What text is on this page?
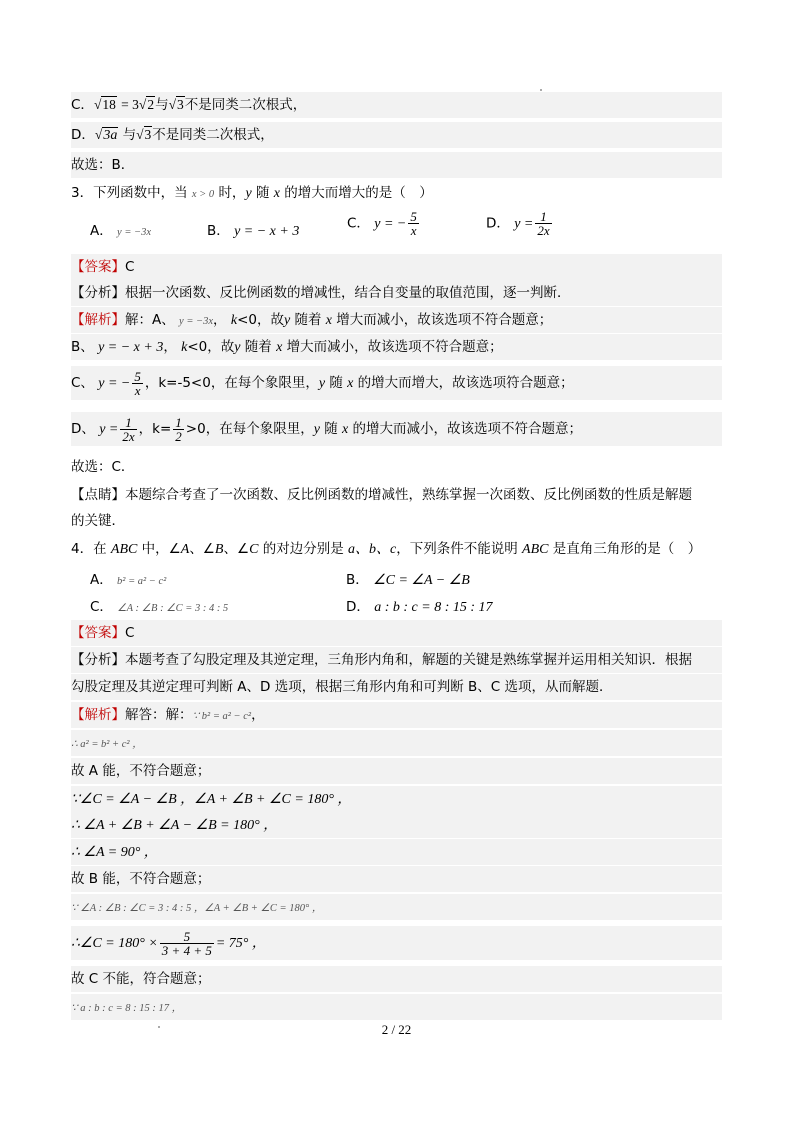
C．√18 = 3√2与√3不是同类二次根式，
D．√3a 与√3不是同类二次根式，
故选：B．
3．下列函数中，当 x > 0 时，y 随 x 的增大而增大的是（　）
A． y = −3x	B． y = − x + 3	C． y = − $\frac{5}{x}$	D． $y = \frac{1}{2x}$
【答案】C
【分析】根据一次函数、反比例函数的增减性，结合自变量的取值范围，逐一判断．
【解析】解：A、 y = −3x， k<0，故y 随着 x 增大而减小，故该选项不符合题意；
B、 y = − x + 3， k<0，故y 随着 x 增大而减小，故该选项不符合题意；
C、 y = − $\frac{5}{x}$ ，k=-5<0，在每个象限里，y 随 x 的增大而增大，故该选项符合题意；
D、 $y = \frac{1}{2x}$ ，$k= \frac{1}{2} >0$，在每个象限里，y 随 x 的增大而减小，故该选项不符合题意；
故选：C．
【点睛】本题综合考查了一次函数、反比例函数的增减性，熟练掌握一次函数、反比例函数的性质是解题
的关键．
4．在 ABC 中，∠A、∠B、∠C 的对边分别是 a、b、c，下列条件不能说明 ABC 是直角三角形的是（　）
A． b² = a² − c²	B． ∠C = ∠A − ∠B
C． ∠A : ∠B : ∠C = 3 : 4 : 5	D． a : b : c = 8 : 15 : 17
【答案】C
【分析】本题考查了勾股定理及其逆定理，三角形内角和，解题的关键是熟练掌握并运用相关知识．根据
勾股定理及其逆定理可判断 A、D 选项，根据三角形内角和可判断 B、C 选项，从而解题．
【解析】解答：解：∵ b² = a² − c²，
∴ a² = b² + c² ，
故 A 能，不符合题意；
∵∠C = ∠A − ∠B ，∠A + ∠B + ∠C = 180° ，
∴ ∠A + ∠B + ∠A − ∠B = 180° ，
∴ ∠A = 90° ，
故 B 能，不符合题意；
∵ ∠A : ∠B : ∠C = 3 : 4 : 5 ，∠A + ∠B + ∠C = 180° ，
∴∠C = $180^\circ \times \frac{5}{3 + 4 + 5} = 75^\circ$ ，
故 C 不能，符合题意；
∵ a : b : c = 8 : 15 : 17 ，
2 / 22
